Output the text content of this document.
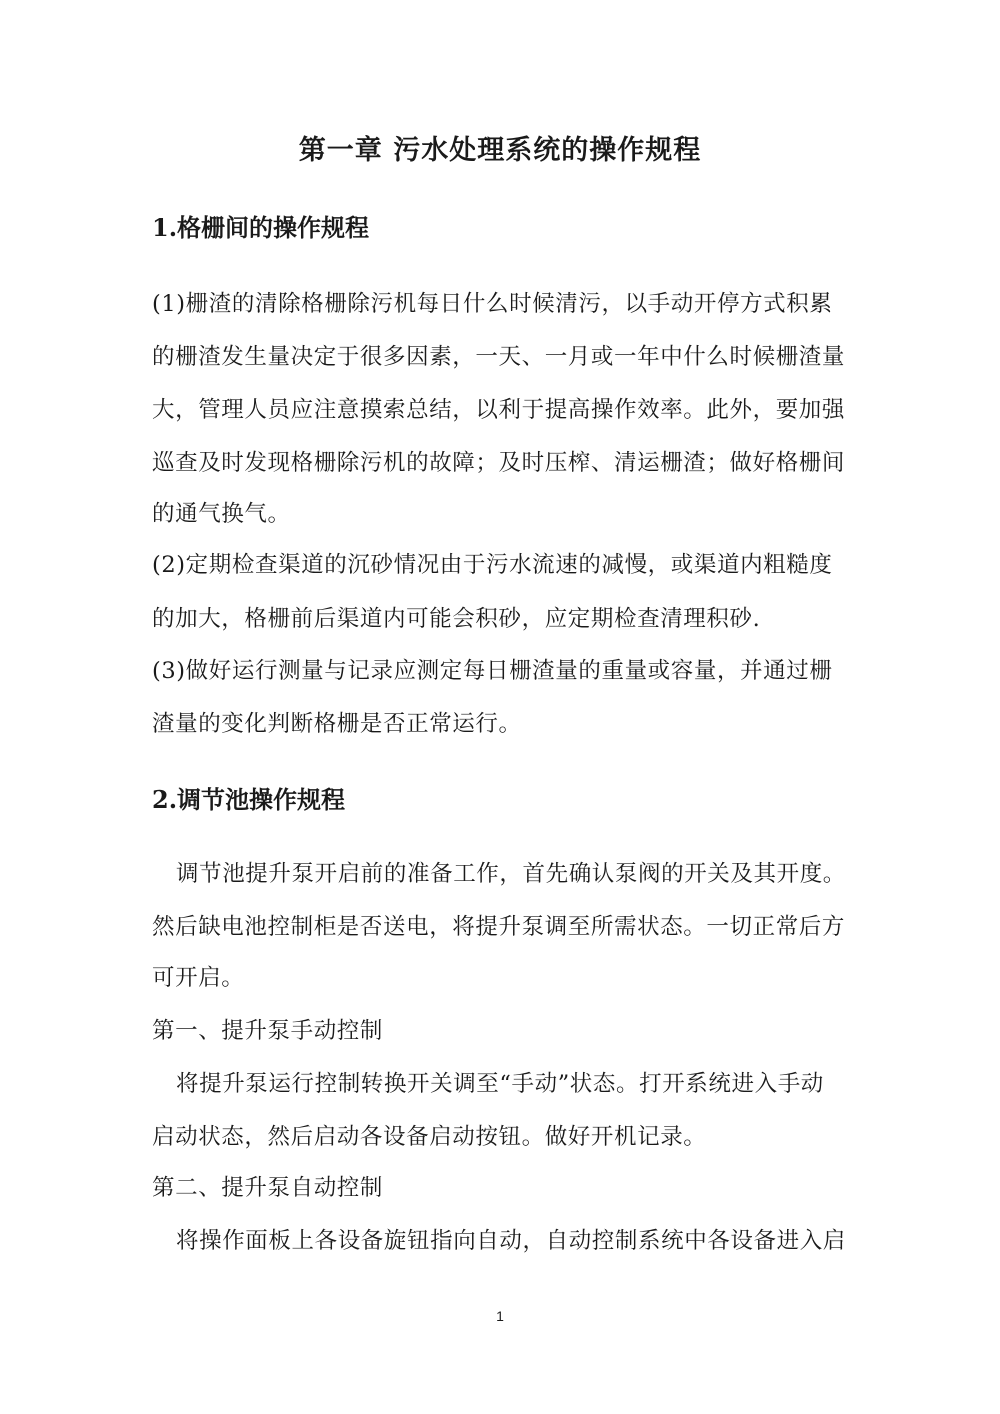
第一章 污水处理系统的操作规程
1.格栅间的操作规程
(1)栅渣的清除格栅除污机每日什么时候清污，以手动开停方式积累
的栅渣发生量决定于很多因素，一天、一月或一年中什么时候栅渣量
大，管理人员应注意摸索总结，以利于提高操作效率。此外，要加强
巡查及时发现格栅除污机的故障；及时压榨、清运栅渣；做好格栅间
的通气换气。
(2)定期检查渠道的沉砂情况由于污水流速的减慢，或渠道内粗糙度
的加大，格栅前后渠道内可能会积砂，应定期检查清理积砂.
(3)做好运行测量与记录应测定每日栅渣量的重量或容量，并通过栅
渣量的变化判断格栅是否正常运行。
2.调节池操作规程
调节池提升泵开启前的准备工作，首先确认泵阀的开关及其开度。
然后缺电池控制柜是否送电，将提升泵调至所需状态。一切正常后方
可开启。
第一、提升泵手动控制
将提升泵运行控制转换开关调至“手动”状态。打开系统进入手动
启动状态，然后启动各设备启动按钮。做好开机记录。
第二、提升泵自动控制
将操作面板上各设备旋钮指向自动，自动控制系统中各设备进入启
1
